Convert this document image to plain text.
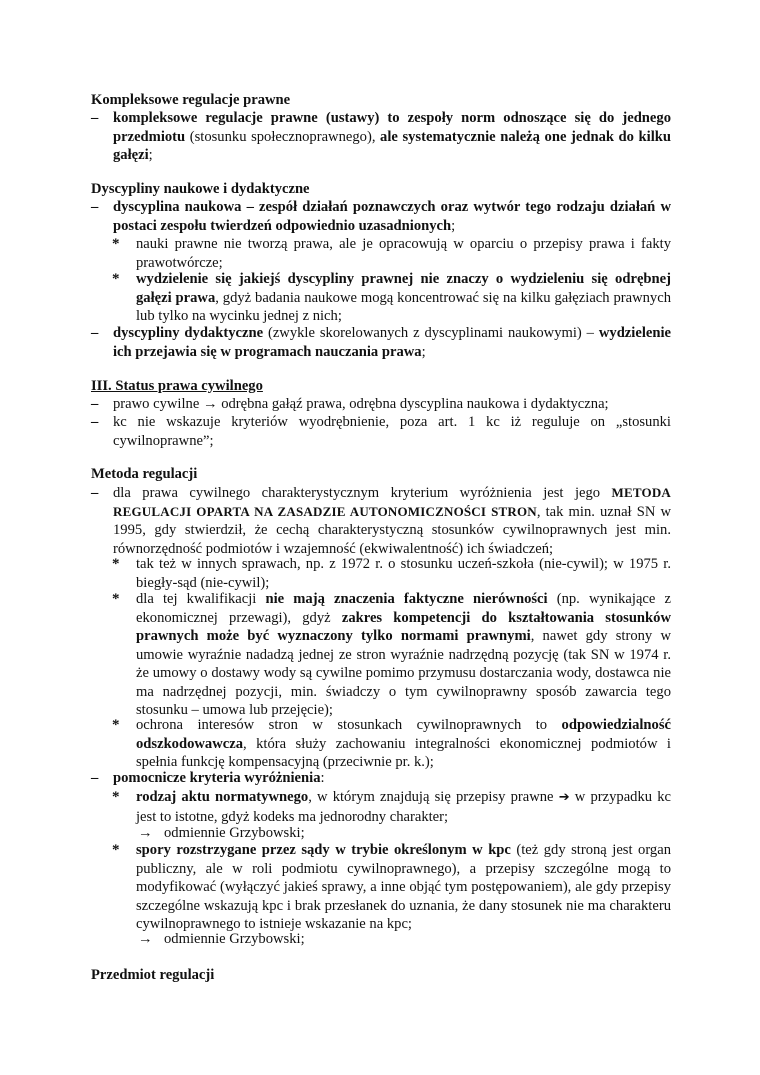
Kompleksowe regulacje prawne

–	kompleksowe regulacje prawne (ustawy) to zespoły norm odnoszące się do jednego przedmiotu (stosunku społecznoprawnego), ale systematycznie należą one jednak do kilku gałęzi;

Dyscypliny naukowe i dydaktyczne

–	dyscyplina naukowa – zespół działań poznawczych oraz wytwór tego rodzaju działań w postaci zespołu twierdzeń odpowiednio uzasadnionych;
*	nauki prawne nie tworzą prawa, ale je opracowują w oparciu o przepisy prawa i fakty prawotwórcze;
*	wydzielenie się jakiejś dyscypliny prawnej nie znaczy o wydzieleniu się odrębnej gałęzi prawa, gdyż badania naukowe mogą koncentrować się na kilku gałęziach prawnych lub tylko na wycinku jednej z nich;
–	dyscypliny dydaktyczne (zwykle skorelowanych z dyscyplinami naukowymi) – wydzielenie ich przejawia się w programach nauczania prawa;

III. Status prawa cywilnego

–	prawo cywilne → odrębna gałąź prawa, odrębna dyscyplina naukowa i dydaktyczna;
–	kc nie wskazuje kryteriów wyodrębnienie, poza art. 1 kc iż reguluje on „stosunki cywilnoprawne”;

Metoda regulacji

–	dla prawa cywilnego charakterystycznym kryterium wyróżnienia jest jego METODA REGULACJI OPARTA NA ZASADZIE AUTONOMICZNOŚCI STRON, tak min. uznał SN w 1995, gdy stwierdził, że cechą charakterystyczną stosunków cywilnoprawnych jest min. równorzędność podmiotów i wzajemność (ekwiwalentność) ich świadczeń;
*	tak też w innych sprawach, np. z 1972 r. o stosunku uczeń-szkoła (nie-cywil); w 1975 r. biegły-sąd (nie-cywil);
*	dla tej kwalifikacji nie mają znaczenia faktyczne nierówności (np. wynikające z ekonomicznej przewagi), gdyż zakres kompetencji do kształtowania stosunków prawnych może być wyznaczony tylko normami prawnymi, nawet gdy strony w umowie wyraźnie nadadzą jednej ze stron wyraźnie nadrzędną pozycję (tak SN w 1974 r. że umowy o dostawy wody są cywilne pomimo przymusu dostarczania wody, dostawca nie ma nadrzędnej pozycji, min. świadczy o tym cywilnoprawny sposób zawarcia tego stosunku – umowa lub przejęcie);
*	ochrona interesów stron w stosunkach cywilnoprawnych to odpowiedzialność odszkodowawcza, która służy zachowaniu integralności ekonomicznej podmiotów i spełnia funkcję kompensacyjną (przeciwnie pr. k.);
–	pomocnicze kryteria wyróżnienia:
*	rodzaj aktu normatywnego, w którym znajdują się przepisy prawne ➔ w przypadku kc jest to istotne, gdyż kodeks ma jednorodny charakter;
→ odmiennie Grzybowski;
*	spory rozstrzygane przez sądy w trybie określonym w kpc (też gdy stroną jest organ publiczny, ale w roli podmiotu cywilnoprawnego), a przepisy szczególne mogą to modyfikować (wyłączyć jakieś sprawy, a inne objąć tym postępowaniem), ale gdy przepisy szczególne wskazują kpc i brak przesłanek do uznania, że dany stosunek nie ma charakteru cywilnoprawnego to istnieje wskazanie na kpc;
→ odmiennie Grzybowski;

Przedmiot regulacji
